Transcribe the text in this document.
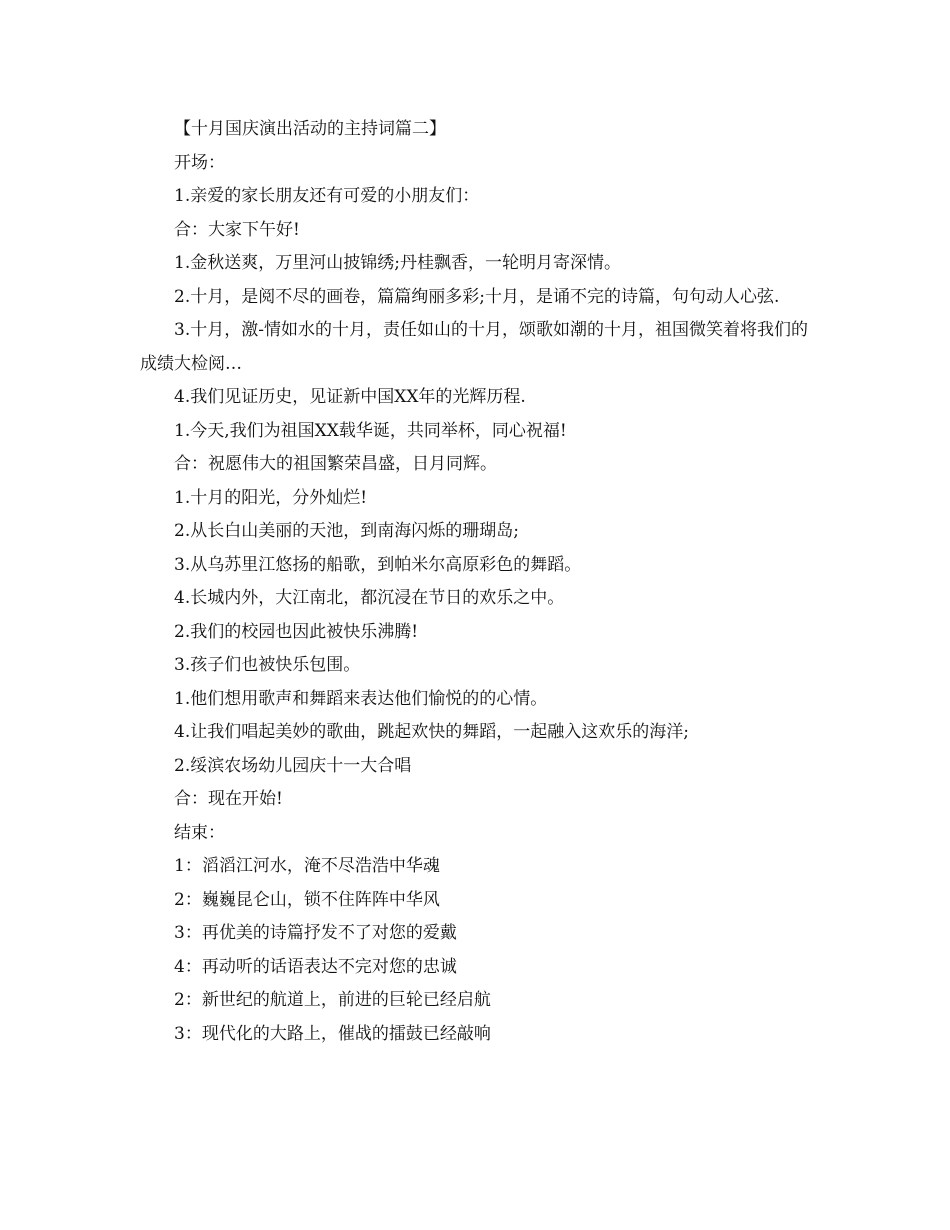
【十月国庆演出活动的主持词篇二】

开场：

1.亲爱的家长朋友还有可爱的小朋友们：

合：大家下午好!

1.金秋送爽，万里河山披锦绣;丹桂飘香，一轮明月寄深情。

2.十月，是阅不尽的画卷，篇篇绚丽多彩;十月，是诵不完的诗篇，句句动人心弦.

3.十月，激-情如水的十月，责任如山的十月，颂歌如潮的十月，祖国微笑着将我们的成绩大检阅…

4.我们见证历史，见证新中国XX年的光辉历程.

1.今天,我们为祖国XX载华诞，共同举杯，同心祝福!

合：祝愿伟大的祖国繁荣昌盛，日月同辉。

1.十月的阳光，分外灿烂!

2.从长白山美丽的天池，到南海闪烁的珊瑚岛;

3.从乌苏里江悠扬的船歌，到帕米尔高原彩色的舞蹈。

4.长城内外，大江南北，都沉浸在节日的欢乐之中。

2.我们的校园也因此被快乐沸腾!

3.孩子们也被快乐包围。

1.他们想用歌声和舞蹈来表达他们愉悦的的心情。

4.让我们唱起美妙的歌曲，跳起欢快的舞蹈，一起融入这欢乐的海洋;

2.绥滨农场幼儿园庆十一大合唱

合：现在开始!

结束：

1：滔滔江河水，淹不尽浩浩中华魂

2：巍巍昆仑山，锁不住阵阵中华风

3：再优美的诗篇抒发不了对您的爱戴

4：再动听的话语表达不完对您的忠诚

2：新世纪的航道上，前进的巨轮已经启航

3：现代化的大路上，催战的擂鼓已经敲响
